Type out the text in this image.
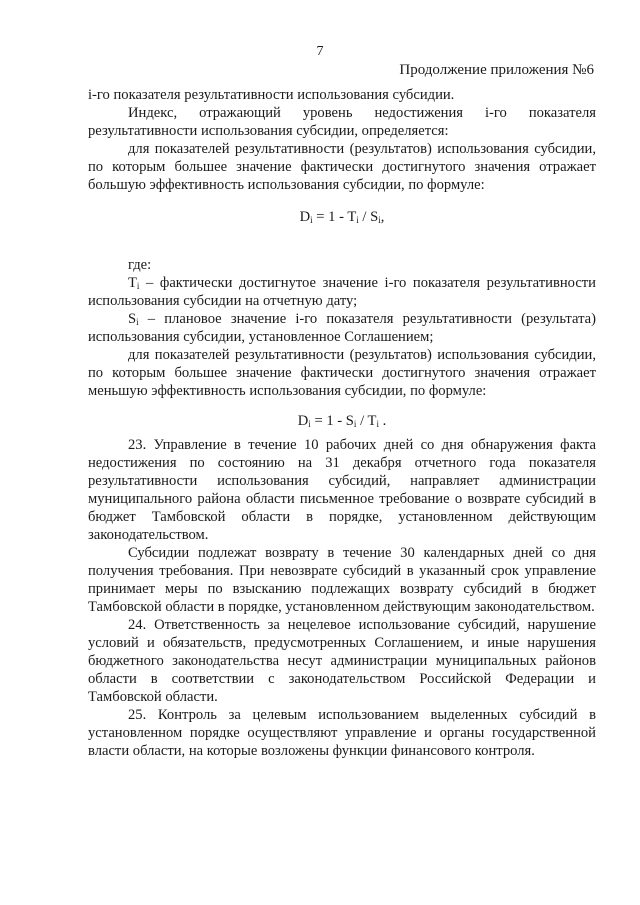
7
Продолжение приложения №6

i-го показателя результативности использования субсидии.

Индекс, отражающий уровень недостижения i-го показателя результативности использования субсидии, определяется:

для показателей результативности (результатов) использования субсидии, по которым большее значение фактически достигнутого значения отражает большую эффективность использования субсидии, по формуле:

$D_i = 1 - T_i / S_i$,

где:

$T_i$ – фактически достигнутое значение i-го показателя результативности использования субсидии на отчетную дату;

$S_i$ – плановое значение i-го показателя результативности (результата) использования субсидии, установленное Соглашением;

для показателей результативности (результатов) использования субсидии, по которым большее значение фактически достигнутого значения отражает меньшую эффективность использования субсидии, по формуле:

$D_i = 1 - S_i / T_i$ .

23. Управление в течение 10 рабочих дней со дня обнаружения факта недостижения по состоянию на 31 декабря отчетного года показателя результативности использования субсидий, направляет администрации муниципального района области письменное требование о возврате субсидий в бюджет Тамбовской области в порядке, установленном действующим законодательством.

Субсидии подлежат возврату в течение 30 календарных дней со дня получения требования. При невозврате субсидий в указанный срок управление принимает меры по взысканию подлежащих возврату субсидий в бюджет Тамбовской области в порядке, установленном действующим законодательством.

24. Ответственность за нецелевое использование субсидий, нарушение условий и обязательств, предусмотренных Соглашением, и иные нарушения бюджетного законодательства несут администрации муниципальных районов области в соответствии с законодательством Российской Федерации и Тамбовской области.

25. Контроль за целевым использованием выделенных субсидий в установленном порядке осуществляют управление и органы государственной власти области, на которые возложены функции финансового контроля.
